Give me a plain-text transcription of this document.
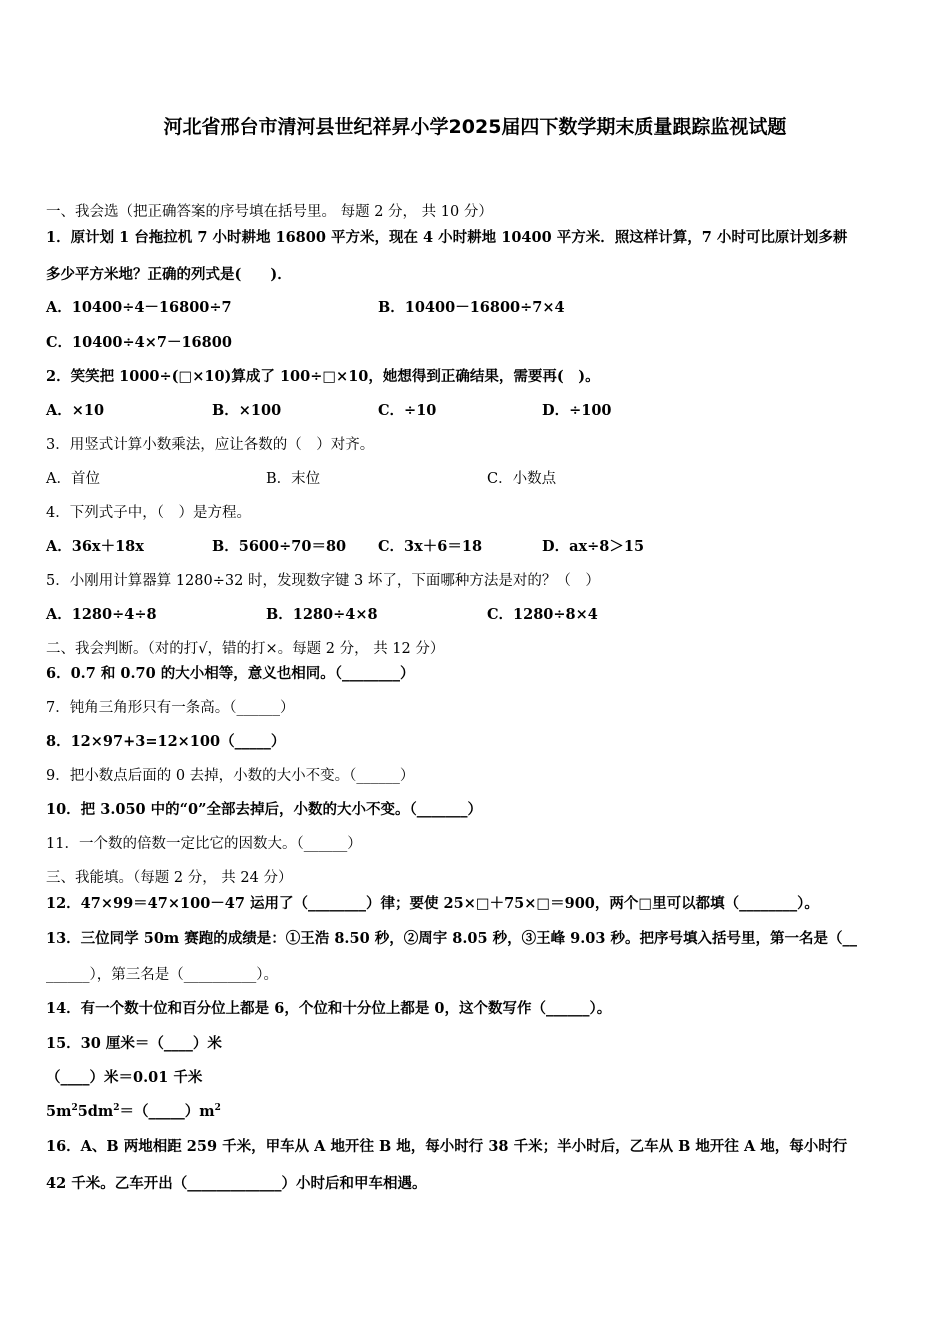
河北省邢台市清河县世纪祥昇小学2025届四下数学期末质量跟踪监视试题
一、我会选（把正确答案的序号填在括号里。 每题 2 分， 共 10 分）
1．原计划 1 台拖拉机 7 小时耕地 16800 平方米，现在 4 小时耕地 10400 平方米．照这样计算，7 小时可比原计划多耕
多少平方米地？正确的列式是(　　)．
A．10400÷4－16800÷7	B．10400－16800÷7×4
C．10400÷4×7－16800
2．笑笑把 1000÷(□×10)算成了 100÷□×10，她想得到正确结果，需要再(　)。
A．×10	B．×100	C．÷10	D．÷100
3．用竖式计算小数乘法，应让各数的（　）对齐。
A．首位	B．末位	C．小数点
4．下列式子中，（　）是方程。
A．36x＋18x	B．5600÷70＝80 C．3x＋6＝18	D．ax÷8＞15
5．小刚用计算器算 1280÷32 时，发现数字键 3 坏了，下面哪种方法是对的？（　）
A．1280÷4÷8	B．1280÷4×8	C．1280÷8×4
二、我会判断。（对的打√，错的打×。每题 2 分， 共 12 分）
6．0.7 和 0.70 的大小相等，意义也相同。（________）
7．钝角三角形只有一条高。（______）
8．12×97+3=12×100（_____）
9．把小数点后面的 0 去掉，小数的大小不变。（______）
10．把 3.050 中的“0”全部去掉后，小数的大小不变。（_______）
11．一个数的倍数一定比它的因数大。（______）
三、我能填。（每题 2 分， 共 24 分）
12．47×99＝47×100－47 运用了（________）律；要使 25×□＋75×□＝900，两个□里可以都填（________）。
13．三位同学 50m 赛跑的成绩是：①王浩 8.50 秒，②周宇 8.05 秒，③王峰 9.03 秒。把序号填入括号里，第一名是（__
______），第三名是（__________）。
14．有一个数十位和百分位上都是 6，个位和十分位上都是 0，这个数写作（______）。
15．30 厘米＝（____）米
（____）米＝0.01 千米
$5m^25dm^2=(\_\_\_\_\_)m^2$
16．A、B 两地相距 259 千米，甲车从 A 地开往 B 地，每小时行 38 千米；半小时后，乙车从 B 地开往 A 地，每小时行
42 千米。乙车开出（_____________）小时后和甲车相遇。
